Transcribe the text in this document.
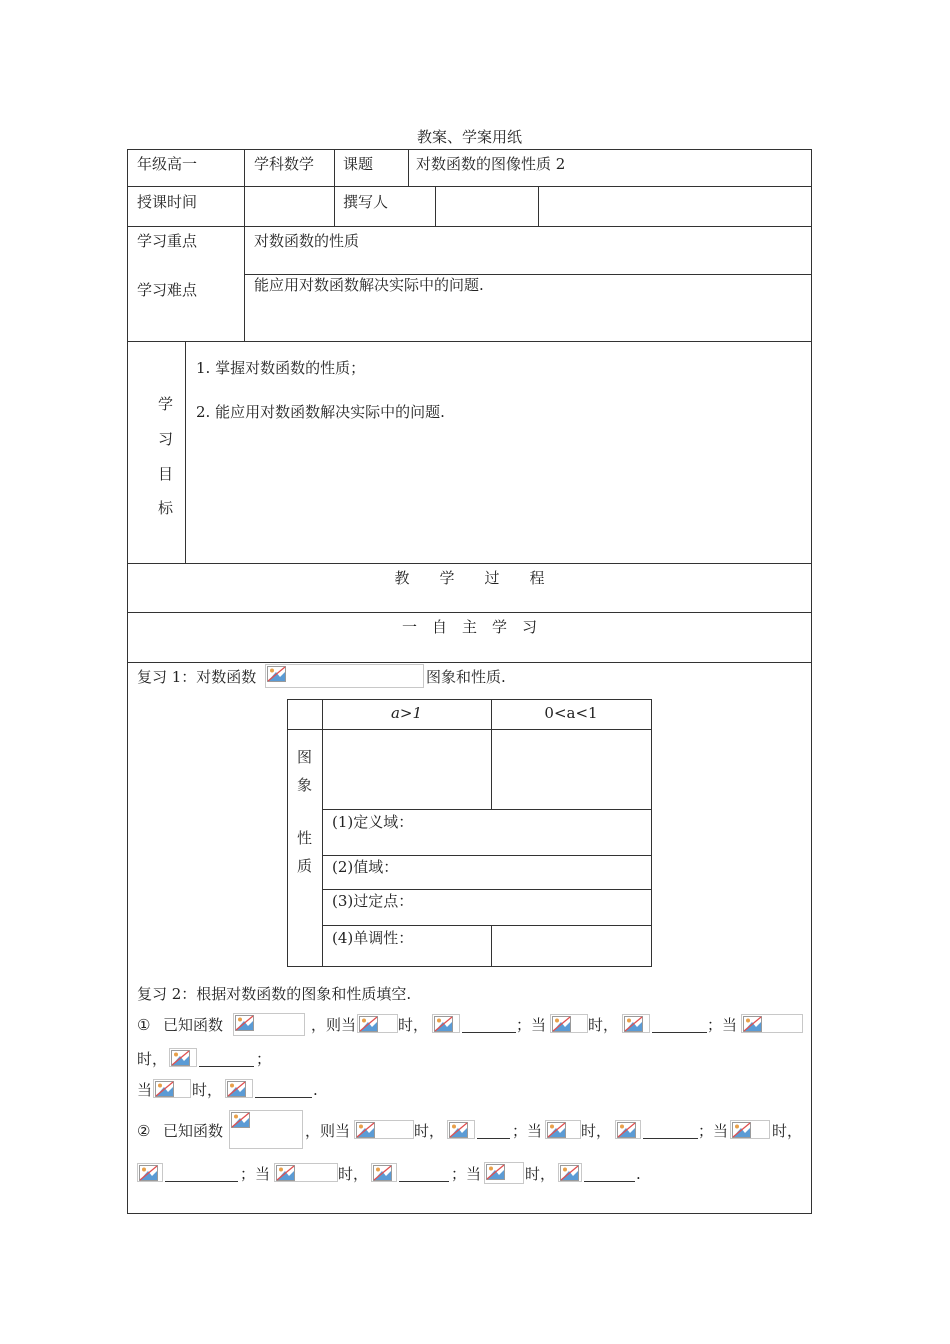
教案、学案用纸
年级高一	学科数学 课题	对数函数的图像性质 2
授课时间	撰写人
学习重点	对数函数的性质
学习难点	能应用对数函数解决实际中的问题.
学
习
目
标
1. 掌握对数函数的性质；
2. 能应用对数函数解决实际中的问题.
教　　学　　过　　程
一　自　主　学　习
复习 1：对数函数	图象和性质.
a>1	0<a<1
图
象
性
质
(1)定义域：
(2)值域：
(3)过定点：
(4)单调性：
复习 2：根据对数函数的图象和性质填空.
① 已知函数	，则当	时，	；当	时，	；当
时，	；
当	时，	.
② 已知函数	，则当	时，	；当	时，	；当	时，
；当	时，	；当	时，	.
